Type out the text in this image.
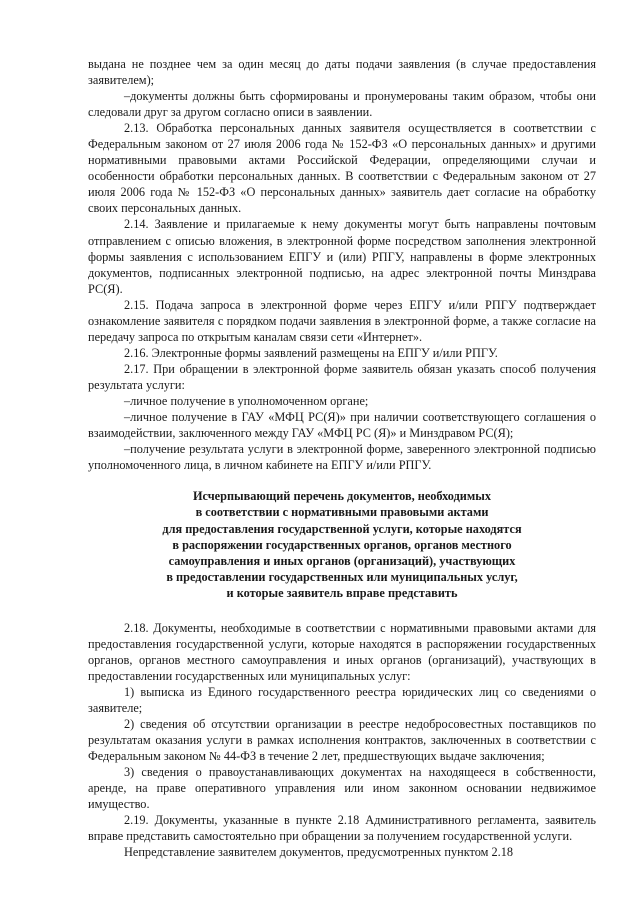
выдана не позднее чем за один месяц до даты подачи заявления (в случае предоставления заявителем);

–документы должны быть сформированы и пронумерованы таким образом, чтобы они следовали друг за другом согласно описи в заявлении.

2.13. Обработка персональных данных заявителя осуществляется в соответствии с Федеральным законом от 27 июля 2006 года № 152-ФЗ «О персональных данных» и другими нормативными правовыми актами Российской Федерации, определяющими случаи и особенности обработки персональных данных. В соответствии с Федеральным законом от 27 июля 2006 года № 152-ФЗ «О персональных данных» заявитель дает согласие на обработку своих персональных данных.

2.14. Заявление и прилагаемые к нему документы могут быть направлены почтовым отправлением с описью вложения, в электронной форме посредством заполнения электронной формы заявления с использованием ЕПГУ и (или) РПГУ, направлены в форме электронных документов, подписанных электронной подписью, на адрес электронной почты Минздрава РС(Я).

2.15. Подача запроса в электронной форме через ЕПГУ и/или РПГУ подтверждает ознакомление заявителя с порядком подачи заявления в электронной форме, а также согласие на передачу запроса по открытым каналам связи сети «Интернет».

2.16. Электронные формы заявлений размещены на ЕПГУ и/или РПГУ.

2.17. При обращении в электронной форме заявитель обязан указать способ получения результата услуги:

–личное получение в уполномоченном органе;

–личное получение в ГАУ «МФЦ РС(Я)» при наличии соответствующего соглашения о взаимодействии, заключенного между ГАУ «МФЦ РС (Я)» и Минздравом РС(Я);

–получение результата услуги в электронной форме, заверенного электронной подписью уполномоченного лица, в личном кабинете на ЕПГУ и/или РПГУ.

Исчерпывающий перечень документов, необходимых
в соответствии с нормативными правовыми актами
для предоставления государственной услуги, которые находятся
в распоряжении государственных органов, органов местного
самоуправления и иных органов (организаций), участвующих
в предоставлении государственных или муниципальных услуг,
и которые заявитель вправе представить

2.18. Документы, необходимые в соответствии с нормативными правовыми актами для предоставления государственной услуги, которые находятся в распоряжении государственных органов, органов местного самоуправления и иных органов (организаций), участвующих в предоставлении государственных или муниципальных услуг:

1) выписка из Единого государственного реестра юридических лиц со сведениями о заявителе;

2) сведения об отсутствии организации в реестре недобросовестных поставщиков по результатам оказания услуги в рамках исполнения контрактов, заключенных в соответствии с Федеральным законом № 44-ФЗ в течение 2 лет, предшествующих выдаче заключения;

3) сведения о правоустанавливающих документах на находящееся в собственности, аренде, на праве оперативного управления или ином законном основании недвижимое имущество.

2.19. Документы, указанные в пункте 2.18 Административного регламента, заявитель вправе представить самостоятельно при обращении за получением государственной услуги.

Непредставление заявителем документов, предусмотренных пунктом 2.18
